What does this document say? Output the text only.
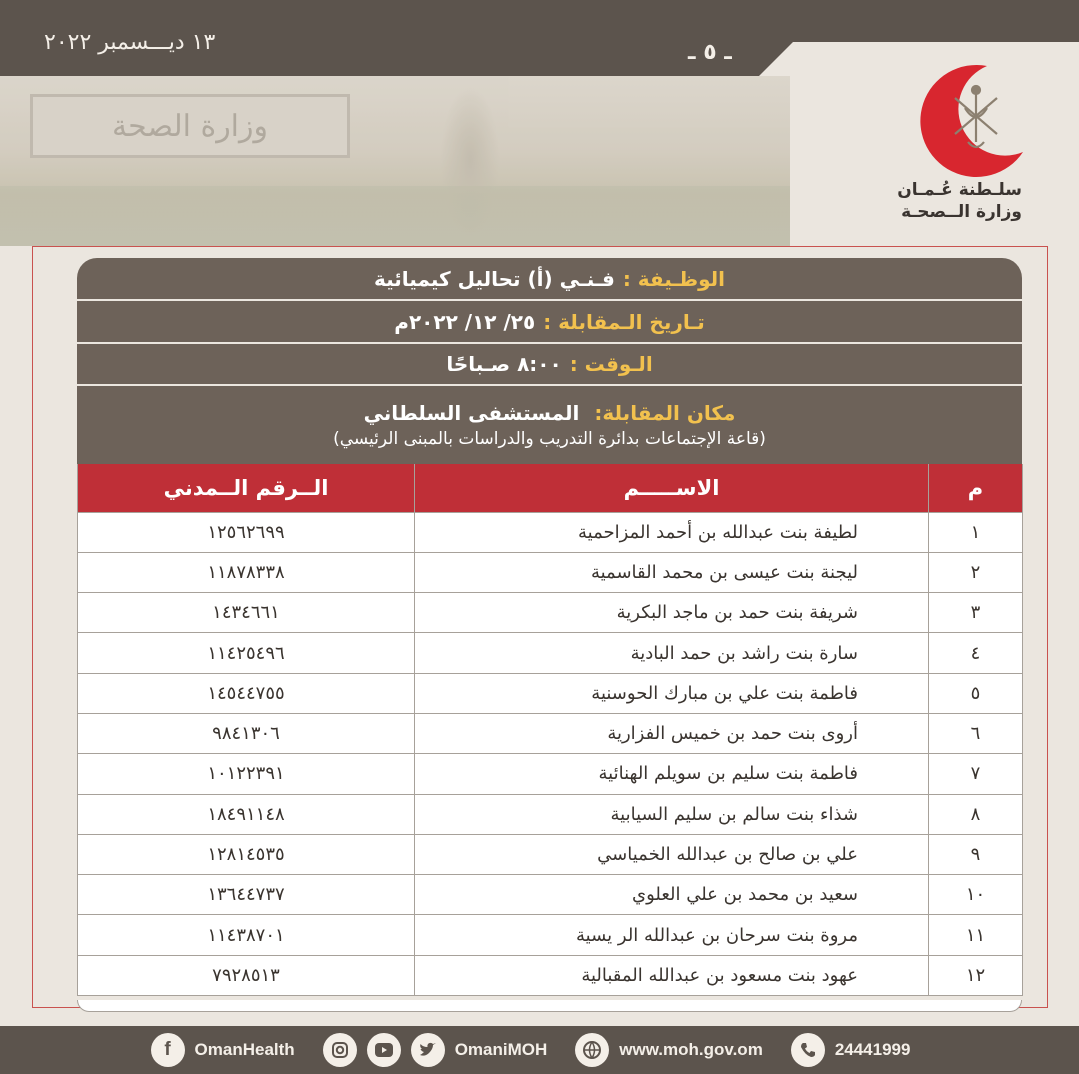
١٣ ديـــسمبر ٢٠٢٢	ـ ٥ ـ
وزارة الصحة
سلـطنة عُـمـان
وزارة الــصحـة
الوظـيفة :
فـنـي (أ) تحاليل كيميائية
تـاريخ الـمقابلة :
٢٥/ ١٢/ ٢٠٢٢م
الـوقت :
٨:٠٠ صـباحًا
مكان المقابلة: المستشفى السلطاني
(قاعة الإجتماعات بدائرة التدريب والدراسات بالمبنى الرئيسي)
الــرقم الــمدني	الاســـــم	م
١٢٥٦٢٦٩٩	لطيفة بنت عبدالله بن أحمد المزاحمية	١
١١٨٧٨٣٣٨	ليجنة بنت عيسى بن محمد القاسمية	٢
١٤٣٤٦٦١	شريفة بنت حمد بن ماجد البكرية	٣
١١٤٢٥٤٩٦	سارة بنت راشد بن حمد البادية	٤
١٤٥٤٤٧٥٥	فاطمة بنت علي بن مبارك الحوسنية	٥
٩٨٤١٣٠٦	أروى بنت حمد بن خميس الفزارية	٦
١٠١٢٢٣٩١	فاطمة بنت سليم بن سويلم الهنائية	٧
١٨٤٩١١٤٨	شذاء بنت سالم بن سليم السيابية	٨
١٢٨١٤٥٣٥	علي بن صالح بن عبدالله الخمياسي	٩
١٣٦٤٤٧٣٧	سعيد بن محمد بن علي العلوي	١٠
١١٤٣٨٧٠١	مروة بنت سرحان بن عبدالله الر يسية	١١
٧٩٢٨٥١٣	عهود بنت مسعود بن عبدالله المقبالية	١٢
f	OmanHealth	OmaniMOH	www.moh.gov.om	24441999
